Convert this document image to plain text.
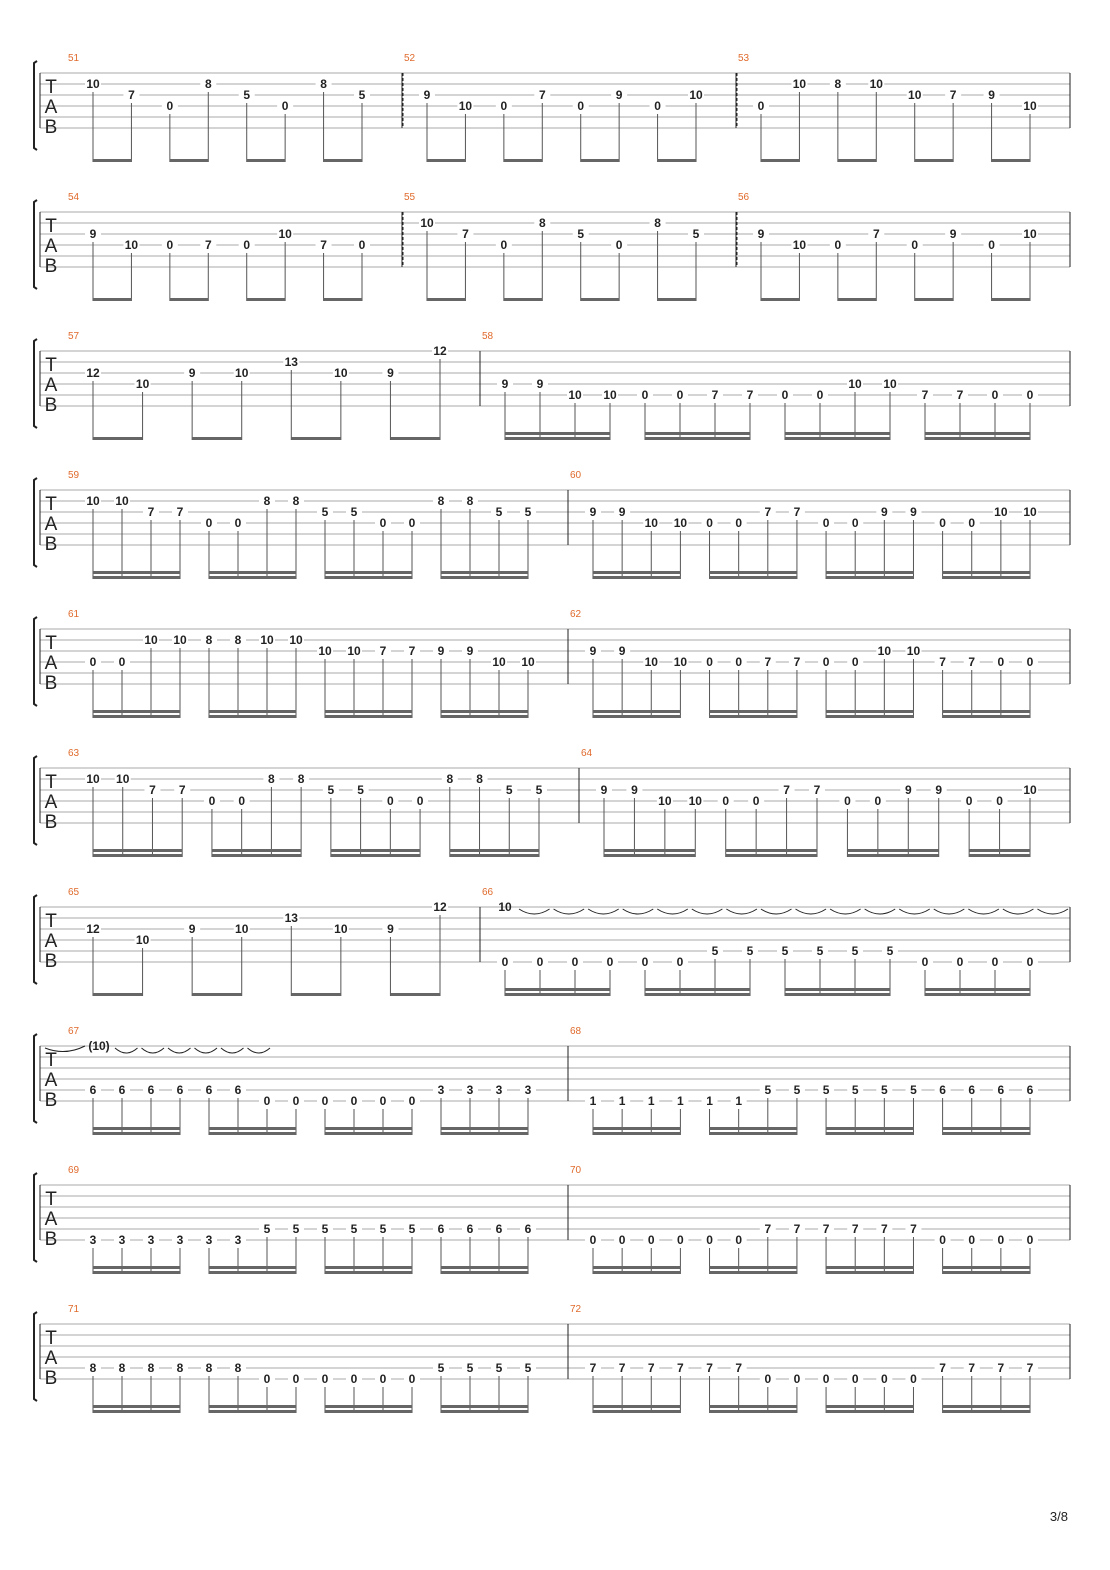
T
A
B
51
10
7
0
8
5
0
8
5
52
9
10 0
7
0
9
0
10
53
0
10 8 10
10 7	9
10
T
A
B
54
9
10 0	7	0
10
7	0
55
10
7
0
8
5
0
8
5
56
9
10 0
7
0
9
0
10
T
A
B
57
12
10
9	10
13
10	9
12
58
9 9
10 10 0 0 7 7 0 0
10 10
7 7 0 0
T
A
B
59
10 10
7 7
0 0
8 8
5 5
0 0
8 8
5 5
60
9 9
10 10 0 0
7 7
0 0
9 9
0 0
10 10
T
A
B
61
0 0
10 10 8 8 10 10
10 10 7 7 9 9
10 10
62
9 9
10 10 0 0 7 7 0 0
10 10
7 7 0 0
T
A
B
63
10 10
7 7
0 0
8 8
5 5
0 0
8 8
5 5
64
9 9
10 10 0 0
7 7
0 0
9 9
0 0
10
T
A
B
65
12
10
9	10
13
10	9
12
66
0 0 0 0 0 0
5 5 5 5 5 5
0 0 0 0
10
T
A
B
67
6 6 6 6 6 6
0 0 0 0 0 0
3 3 3 3
(10)
68
1 1 1 1 1 1
5 5 5 5 5 5 6 6 6 6
T
A
B
69
3 3 3 3 3 3
5 5 5 5 5 5 6 6 6 6
70
0 0 0 0 0 0
7 7 7 7 7 7
0 0 0 0
T
A
B
71
8 8 8 8 8 8
0 0 0 0 0 0
5 5 5 5
72
7 7 7 7 7 7
0 0 0 0 0 0
7 7 7 7
3/8
